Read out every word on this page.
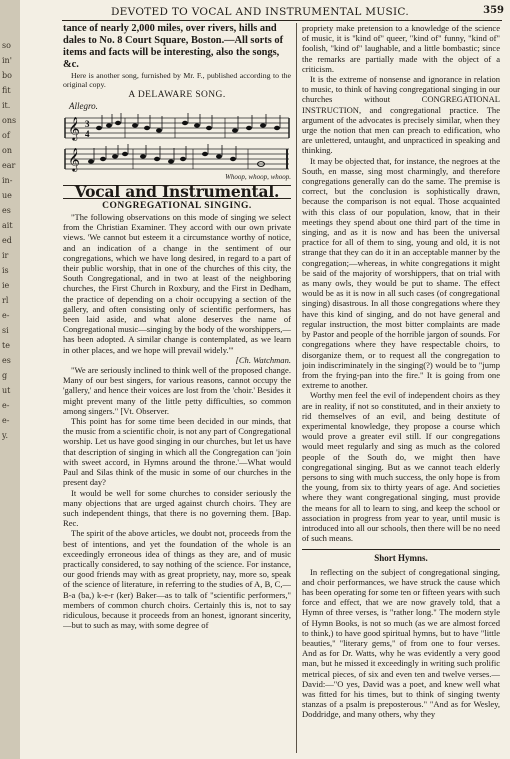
so
in'
bo
fit
it.
ons
of
on
ear
in-
ue
es
ait
ed
ir
is
ie
rl
e-
si
te
es
g
ut
e-
e-
y.
DEVOTED TO VOCAL AND INSTRUMENTAL MUSIC.	359

tance of nearly 2,000 miles, over rivers, hills and dales to No. 8 Court Square, Boston.—All sorts of items and facts will be interesting, also the songs, &c.

Here is another song, furnished by Mr. F., published according to the original copy.

A DELAWARE SONG.
Allegro.
𝄞 3
4
𝄞
Whoop, whoop, whoop.
Vocal and Instrumental.
CONGREGATIONAL SINGING.

"The following observations on this mode of singing we select from the Christian Examiner. They accord with our own private views. 'We cannot but esteem it a circumstance worthy of notice, and an indication of a change in the sentiment of our congregations, which we have long desired, in regard to a part of their public worship, that in one of the churches of this city, the South Congregational, and in two at least of the neighboring churches, the First Church in Roxbury, and the First in Dedham, the practice of depending on a choir occupying a section of the gallery, and often consisting only of scientific performers, has been laid aside, and what alone deserves the name of Congregational music—singing by the body of the worshippers,—has been adopted. A similar change is contemplated, as we learn in other places, and we hope will prevail widely.'"

[Ch. Watchman.

"We are seriously inclined to think well of the proposed change. Many of our best singers, for various reasons, cannot occupy the 'gallery,' and hence their voices are lost from the 'choir.' Besides it might prevent many of the little petty difficulties, so common among singers." [Vt. Observer.

This point has for some time been decided in our minds, that the music from a scientific choir, is not any part of Congregational worship. Let us have good singing in our churches, but let us have that description of singing in which all the Congregation can 'join with sweet accord, in Hymns around the throne.'—What would Paul and Silas think of the music in some of our churches in the present day?

It would be well for some churches to consider seriously the many objections that are urged against church choirs. They are such independent things, that there is no governing them. [Bap. Rec.

The spirit of the above articles, we doubt not, proceeds from the best of intentions, and yet the foundation of the whole is an exceedingly erroneous idea of things as they are, and of music practically considered, to say nothing of the science. For instance, our good friends may with as great propriety, nay, more so, speak of the science of literature, in referring to the studies of A, B, C,—B-a (ba,) k-e-r (ker) Baker—as to talk of "scientific performers," members of common church choirs. Certainly this is, not to say ridiculous, because it proceeds from an honest, ignorant sincerity,—but to such as may, with some degree of

propriety make pretension to a knowledge of the science of music, it is "kind of" queer, "kind of" funny, "kind of" foolish, "kind of" laughable, and a little bombastic; since the remarks are partially made with the object of a criticism.

It is the extreme of nonsense and ignorance in relation to music, to think of having congregational singing in our churches without CONGREGATIONAL INSTRUCTION, and congregational practice. The argument of the advocates is precisely similar, when they urge the notion that men can preach to edification, who are unlettered, untaught, and unpracticed in speaking and thinking.

It may be objected that, for instance, the negroes at the South, en masse, sing most charmingly, and therefore congregations generally can do the same. The premise is correct, but the conclusion is sophistically drawn, because the comparison is not equal. Those acquainted with this class of our population, know, that in their meetings they spend about one third part of the time in singing, and as it is now and has been the universal practice for all of them to sing, young and old, it is not strange that they can do it in an acceptable manner by the congregation;—whereas, in white congregations it might be said of the majority of worshippers, that on trial with as many owls, they would be put to shame. The effect would be as it is now in all such cases (of congregational singing) disastrous. In all those congregations where they have this kind of singing, and do not have general and regular instruction, the most bitter complaints are made by Pastor and people of the horrible jargon of sounds. For congregations where they have respectable choirs, to disorganize them, or to request all the congregation to join indiscriminately in the singing(?) would be to "jump from the frying-pan into the fire." It is going from one extreme to another.

Worthy men feel the evil of independent choirs as they are in reality, if not so constituted, and in their anxiety to rid themselves of an evil, and being destitute of experimental knowledge, they propose a course which would prove a greater evil still. If our congregations would meet regularly and sing as much as the colored people of the South do, we might then have congregational singing. But as we cannot teach elderly persons to sing with much success, the only hope is from the young, from six to thirty years of age. And societies where they want congregational singing, must provide the means for all to learn to sing, and keep the school or association in progress from year to year, until music is introduced into all our schools, then there will be no need of such means.

Short Hymns.

In reflecting on the subject of congregational singing, and choir performances, we have struck the cause which has been operating for some ten or fifteen years with such force and effect, that we are now gravely told, that a Hymn of three verses, is "rather long." The modern style of Hymn Books, is not so much (as we are almost forced to think,) to have good spiritual hymns, but to have "little beauties," "literary gems," of from one to four verses. And as for Dr. Watts, why he was evidently a very good man, but he missed it exceedingly in writing such prolific metrical pieces, of six and even ten and twelve verses.—David:—"O yes, David was a poet, and knew well what was fitted for his times, but to think of singing twenty stanzas of a psalm is preposterous." "And as for Wesley, Doddridge, and many others, why they
